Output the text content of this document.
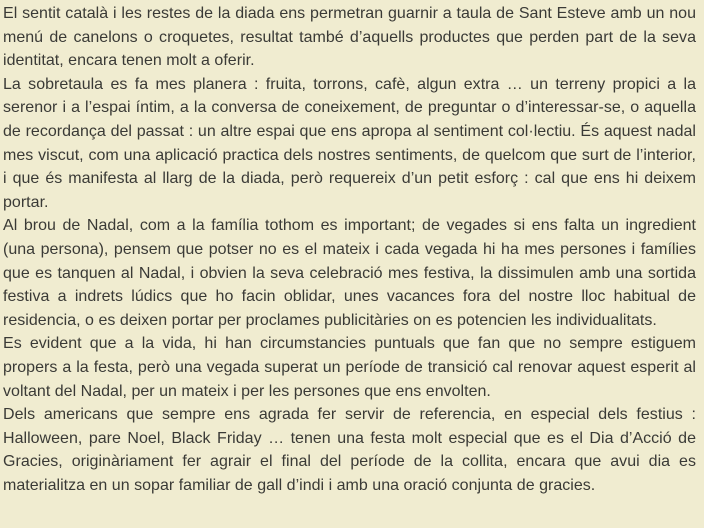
El sentit català i les restes de la diada ens permetran guarnir a taula de Sant Esteve amb un nou menú de canelons o croquetes, resultat també d’aquells productes que perden part de la seva identitat, encara tenen molt a oferir.

La sobretaula es fa mes planera : fruita, torrons, cafè, algun extra … un terreny propici a la serenor i a l’espai íntim, a la conversa de coneixement, de preguntar o d’interessar-se, o aquella de recordança del passat : un altre espai que ens apropa al sentiment col·lectiu. És aquest nadal mes viscut, com una aplicació practica dels nostres sentiments, de quelcom que surt de l’interior, i que és manifesta al llarg de la diada, però requereix d’un petit esforç : cal que ens hi deixem portar.

Al brou de Nadal, com a la família tothom es important; de vegades si ens falta un ingredient (una persona), pensem que potser no es el mateix i cada vegada hi ha mes persones i famílies que es tanquen al Nadal, i obvien la seva celebració mes festiva, la dissimulen amb una sortida festiva a indrets lúdics que ho facin oblidar, unes vacances fora del nostre lloc habitual de residencia, o es deixen portar per proclames publicitàries on es potencien les individualitats.

Es evident que a la vida, hi han circumstancies puntuals que fan que no sempre estiguem propers a la festa, però una vegada superat un període de transició cal renovar aquest esperit al voltant del Nadal, per un mateix i per les persones que ens envolten.

Dels americans que sempre ens agrada fer servir de referencia, en especial dels festius : Halloween, pare Noel, Black Friday … tenen una festa molt especial que es el Dia d’Acció de Gracies, originàriament fer agrair el final del període de la collita, encara que avui dia es materialitza en un sopar familiar de gall d’indi i amb una oració conjunta de gracies.
